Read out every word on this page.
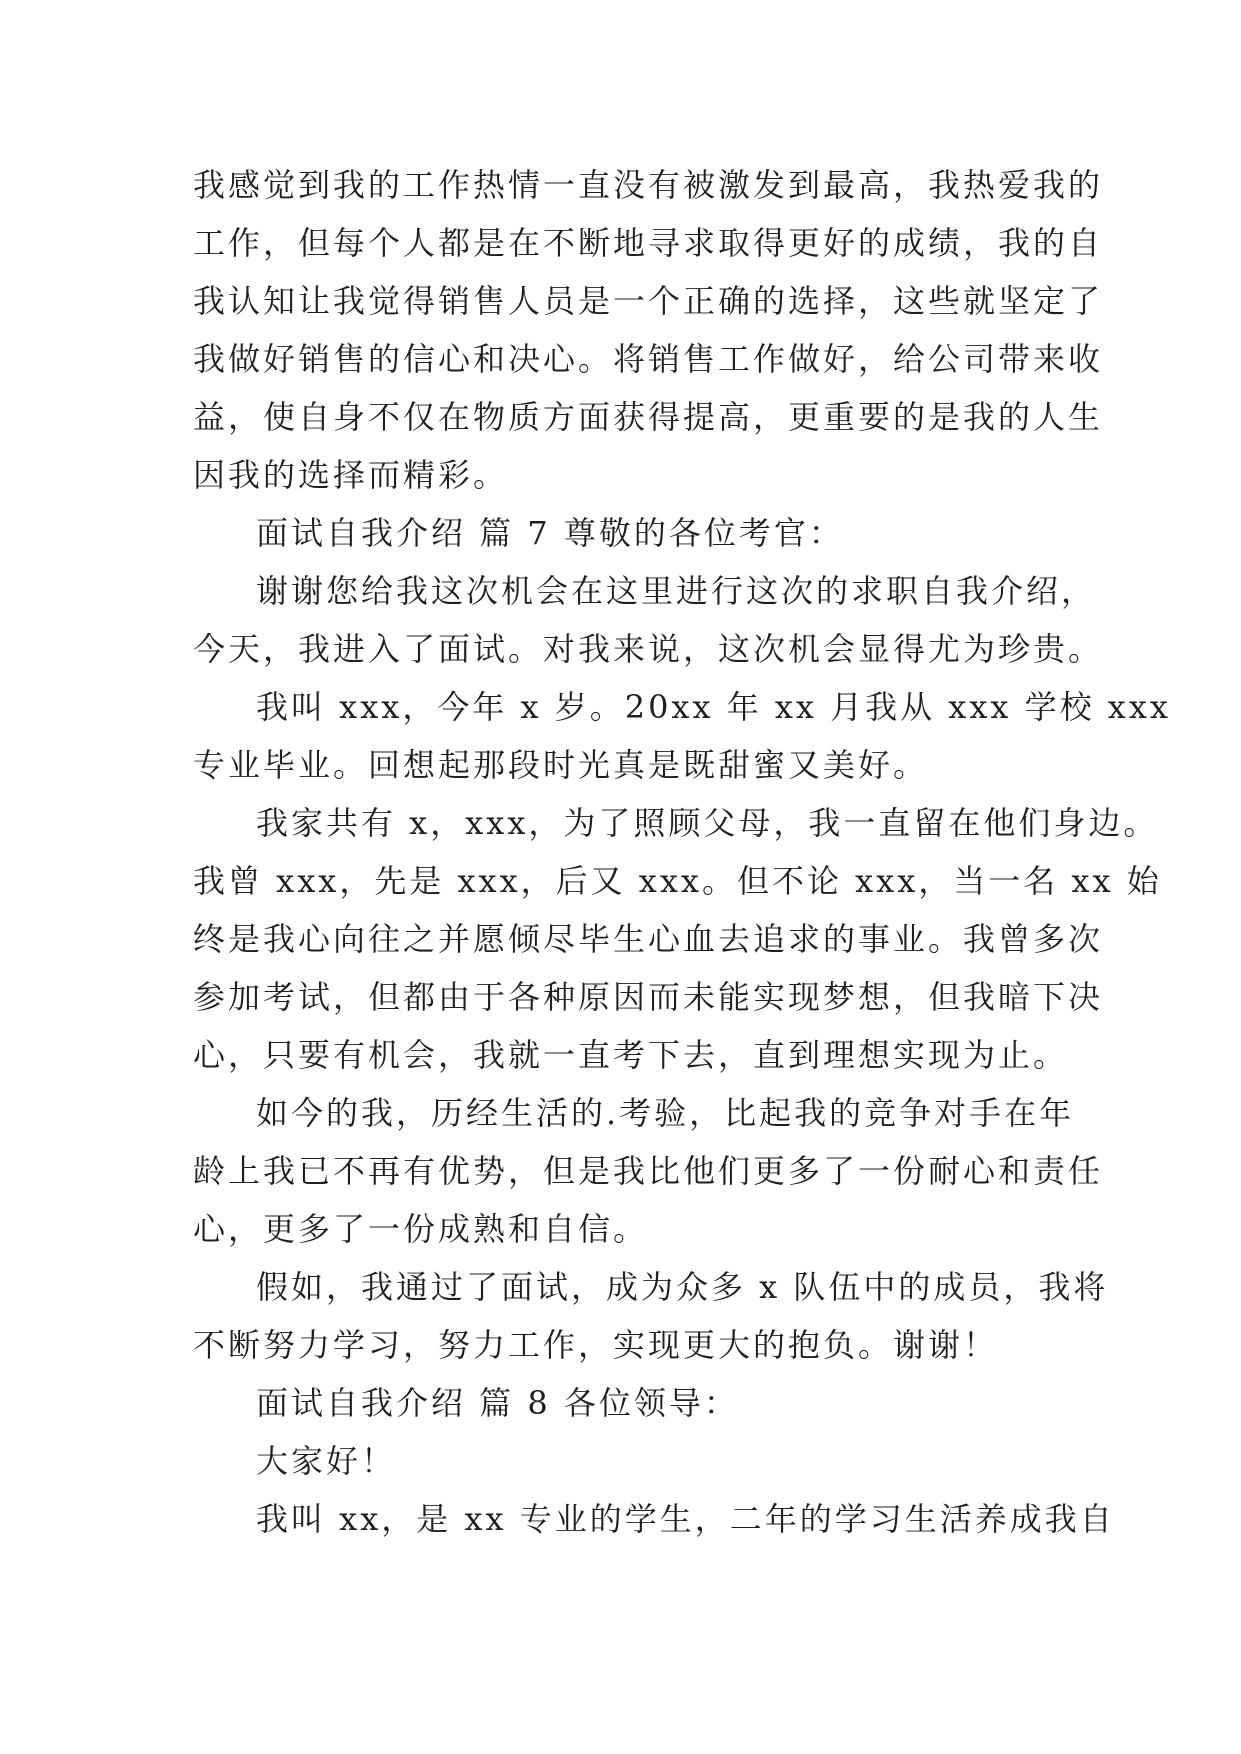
我感觉到我的工作热情一直没有被激发到最高，我热爱我的
工作，但每个人都是在不断地寻求取得更好的成绩，我的自
我认知让我觉得销售人员是一个正确的选择，这些就坚定了
我做好销售的信心和决心。将销售工作做好，给公司带来收
益，使自身不仅在物质方面获得提高，更重要的是我的人生
因我的选择而精彩。
面试自我介绍 篇 7 尊敬的各位考官：
谢谢您给我这次机会在这里进行这次的求职自我介绍，
今天，我进入了面试。对我来说，这次机会显得尤为珍贵。
我叫 xxx，今年 x 岁。20xx 年 xx 月我从 xxx 学校 xxx
专业毕业。回想起那段时光真是既甜蜜又美好。
我家共有 x，xxx，为了照顾父母，我一直留在他们身边。
我曾 xxx，先是 xxx，后又 xxx。但不论 xxx，当一名 xx 始
终是我心向往之并愿倾尽毕生心血去追求的事业。我曾多次
参加考试，但都由于各种原因而未能实现梦想，但我暗下决
心，只要有机会，我就一直考下去，直到理想实现为止。
如今的我，历经生活的.考验，比起我的竞争对手在年
龄上我已不再有优势，但是我比他们更多了一份耐心和责任
心，更多了一份成熟和自信。
假如，我通过了面试，成为众多 x 队伍中的成员，我将
不断努力学习，努力工作，实现更大的抱负。谢谢！
面试自我介绍 篇 8 各位领导：
大家好！
我叫 xx，是 xx 专业的学生，二年的学习生活养成我自
